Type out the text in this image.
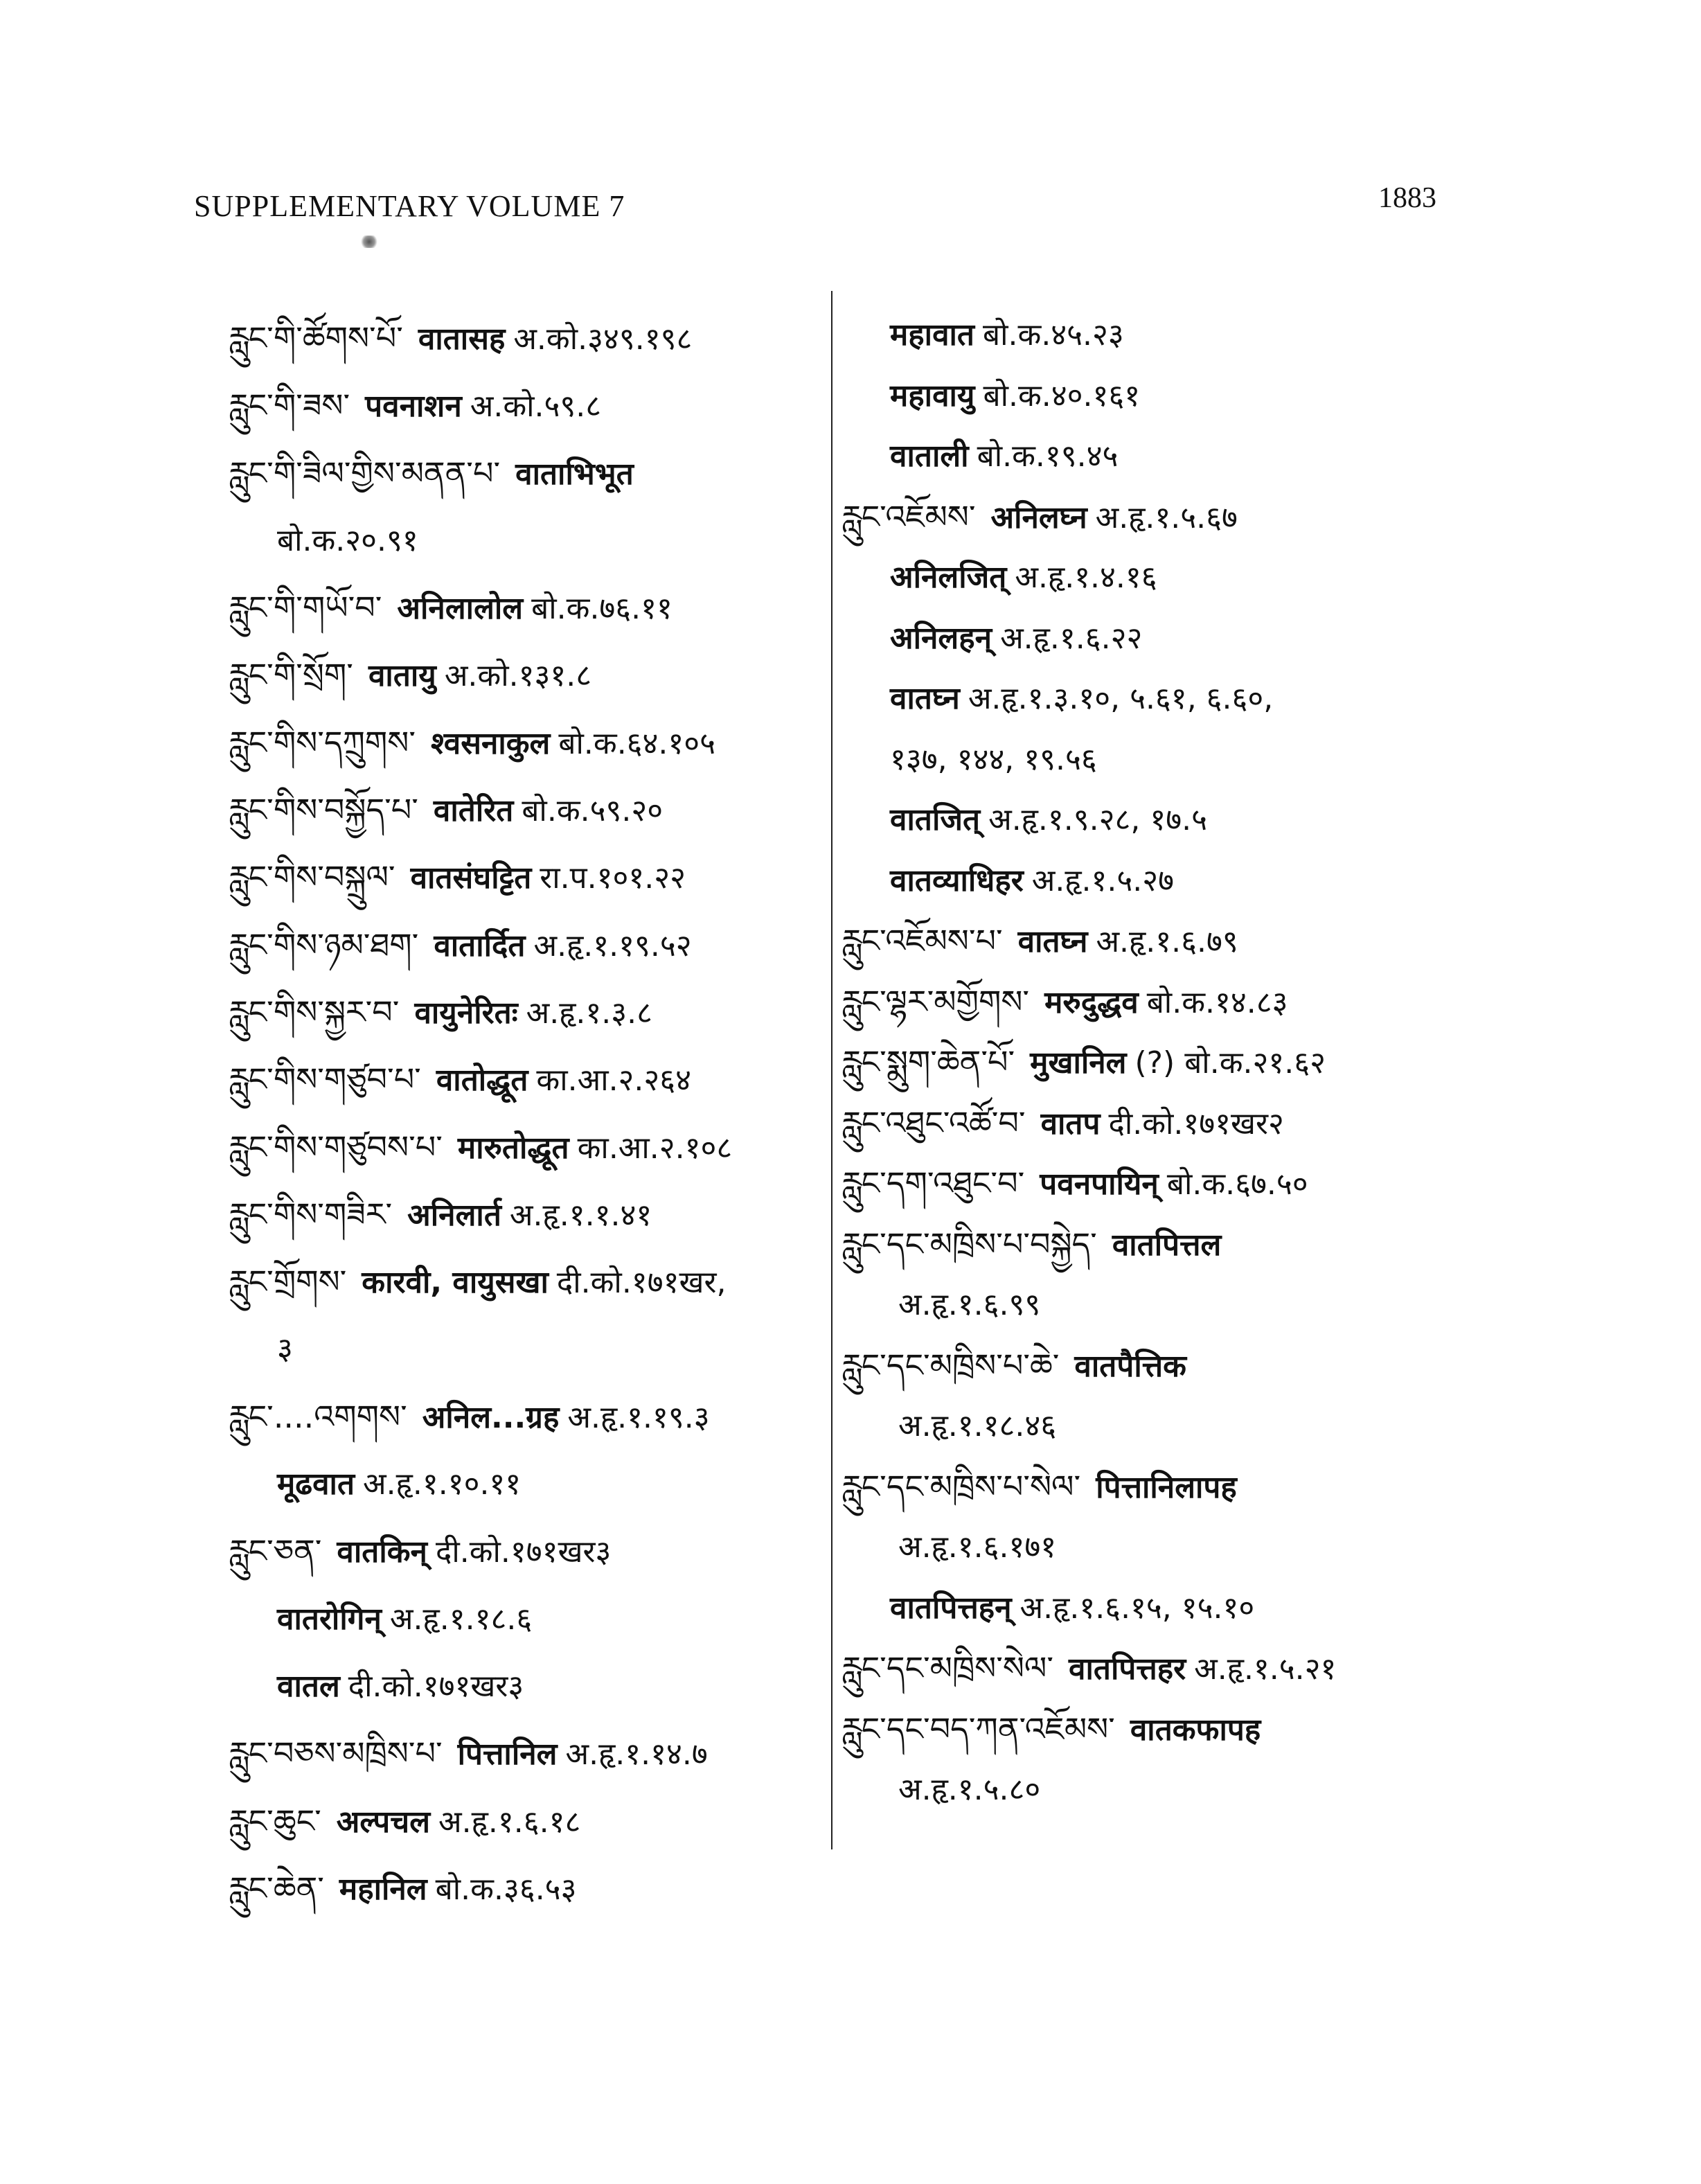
SUPPLEMENTARY VOLUME 7	1883
རླུང་གི་ཚོགས་པོ་ वातासह अ.को.३४९.१९८
རླུང་གི་ཟས་ पवनाशन अ.को.५९.८
རླུང་གི་ཟིལ་གྱིས་མནན་པ་ वाताभिभूत
बो.क.२०.९१
རླུང་གི་གཡོ་བ་ अनिलालोल बो.क.७६.११
རླུང་གི་སྲོག་ वातायु अ.को.१३१.८
རླུང་གིས་དཀྲུགས་ श्वसनाकुल बो.क.६४.१०५
རླུང་གིས་བསྐྱོད་པ་ वातेरित बो.क.५९.२०
རླུང་གིས་བསྐྲུལ་ वातसंघट्टित रा.प.१०१.२२
རླུང་གིས་ཉམ་ཐག་ वातार्दित अ.हृ.१.१९.५२
རླུང་གིས་སྐྱར་བ་ वायुनेरितः अ.हृ.१.३.८
རླུང་གིས་གཙུབ་པ་ वातोद्धूत का.आ.२.२६४
རླུང་གིས་གཙུབས་པ་ मारुतोद्धूत का.आ.२.१०८
རླུང་གིས་གཟིར་ अनिलार्त अ.हृ.१.१.४१
རླུང་གྲོགས་ कारवी, वायुसखा दी.को.१७१खर,
३
རླུང་....འགགས་ अनिल...ग्रह अ.हृ.१.१९.३
मूढवात अ.हृ.१.१०.११
རླུང་ཅན་ वातकिन् दी.को.१७१खर३
वातरोगिन् अ.हृ.१.१८.६
वातल दी.को.१७१खर३
རླུང་བཅས་མཁྲིས་པ་ पित्तानिल अ.हृ.१.१४.७
རླུང་ཆུང་ अल्पचल अ.हृ.१.६.१८
རླུང་ཆེན་ महानिल बो.क.३६.५३
महावात बो.क.४५.२३
महावायु बो.क.४०.१६१
वाताली बो.क.१९.४५
རླུང་འཇོམས་ अनिलघ्न अ.हृ.१.५.६७
अनिलजित् अ.हृ.१.४.१६
अनिलहन् अ.हृ.१.६.२२
वातघ्न अ.हृ.१.३.१०, ५.६१, ६.६०,
१३७, १४४, १९.५६
वातजित् अ.हृ.१.९.२८, १७.५
वातव्याधिहर अ.हृ.१.५.२७
རླུང་འཇོམས་པ་ वातघ्न अ.हृ.१.६.७९
རླུང་ལྷར་མགྱོགས་ मरुदुद्धव बो.क.१४.८३
རླུང་སྨུག་ཆེན་པོ་ मुखानिल (?) बो.क.२१.६२
རླུང་འཐུང་འཚོ་བ་ वातप दी.को.१७१खर२
རླུང་དག་འཐུང་བ་ पवनपायिन् बो.क.६७.५०
རླུང་དང་མཁྲིས་པ་བསྐྱེད་ वातपित्तल
अ.हृ.१.६.९९
རླུང་དང་མཁྲིས་པ་ཆེ་ वातपैत्तिक
अ.हृ.१.१८.४६
རླུང་དང་མཁྲིས་པ་སེལ་ पित्तानिलापह
अ.हृ.१.६.१७१
वातपित्तहन् अ.हृ.१.६.१५, १५.१०
རླུང་དང་མཁྲིས་སེལ་ वातपित्तहर अ.हृ.१.५.२१
རླུང་དང་བད་ཀན་འཇོམས་ वातकफापह
अ.हृ.१.५.८०
